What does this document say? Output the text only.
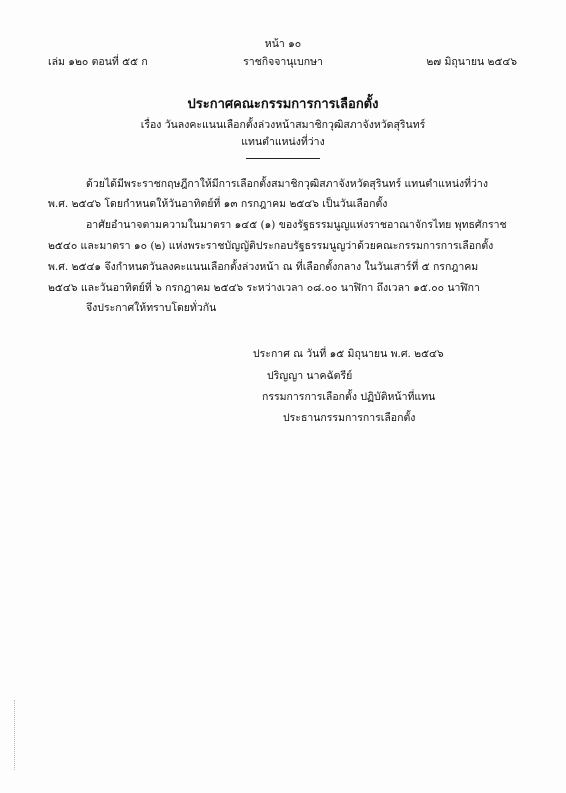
หน้า ๑๐
เล่ม ๑๒๐ ตอนที่ ๕๕ ก	ราชกิจจานุเบกษา	๒๗ มิถุนายน ๒๕๔๖
ประกาศคณะกรรมการการเลือกตั้ง
เรื่อง วันลงคะแนนเลือกตั้งล่วงหน้าสมาชิกวุฒิสภาจังหวัดสุรินทร์
แทนตำแหน่งที่ว่าง
ด้วยได้มีพระราชกฤษฎีกาให้มีการเลือกตั้งสมาชิกวุฒิสภาจังหวัดสุรินทร์ แทนตำแหน่งที่ว่าง
พ.ศ. ๒๕๔๖ โดยกำหนดให้วันอาทิตย์ที่ ๑๓ กรกฎาคม ๒๕๔๖ เป็นวันเลือกตั้ง
อาศัยอำนาจตามความในมาตรา ๑๔๕ (๑) ของรัฐธรรมนูญแห่งราชอาณาจักรไทย พุทธศักราช
๒๕๔๐ และมาตรา ๑๐ (๒) แห่งพระราชบัญญัติประกอบรัฐธรรมนูญว่าด้วยคณะกรรมการการเลือกตั้ง
พ.ศ. ๒๕๔๑ จึงกำหนดวันลงคะแนนเลือกตั้งล่วงหน้า ณ ที่เลือกตั้งกลาง ในวันเสาร์ที่ ๕ กรกฎาคม
๒๕๔๖ และวันอาทิตย์ที่ ๖ กรกฎาคม ๒๕๔๖ ระหว่างเวลา ๐๘.๐๐ นาฬิกา ถึงเวลา ๑๕.๐๐ นาฬิกา
จึงประกาศให้ทราบโดยทั่วกัน
ประกาศ ณ วันที่ ๑๕ มิถุนายน พ.ศ. ๒๕๔๖
ปริญญา นาคฉัตรีย์
กรรมการการเลือกตั้ง ปฏิบัติหน้าที่แทน
ประธานกรรมการการเลือกตั้ง
